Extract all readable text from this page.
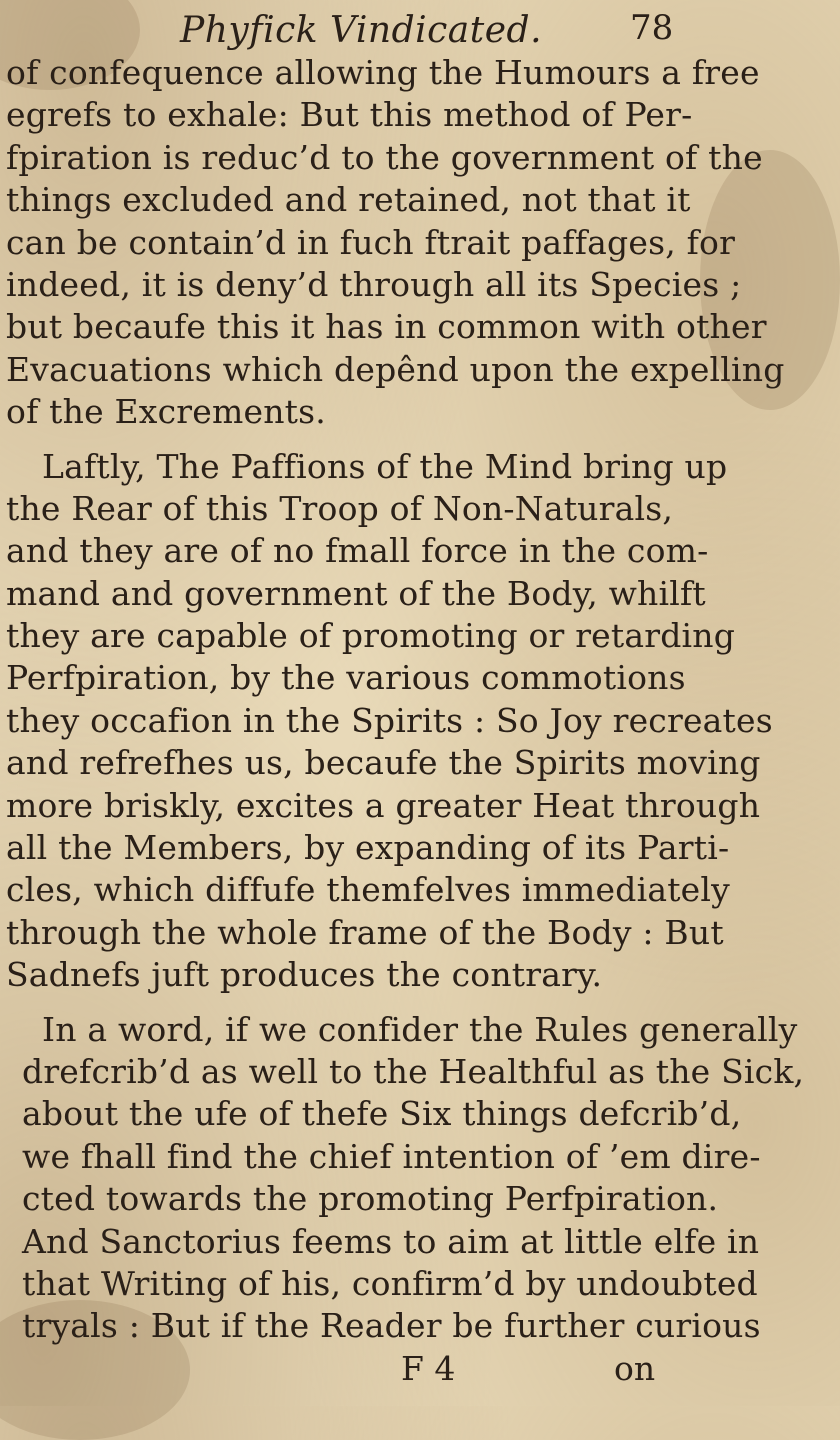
Phyfick Vindicated.	78
of confequence allowing the Humours a free
egrefs to exhale: But this method of Per-
fpiration is reduc’d to the government of the
things excluded and retained, not that it
can be contain’d in fuch ftrait paffages, for
indeed, it is deny’d through all its Species ;
but becaufe this it has in common with other
Evacuations which depênd upon the expelling
of the Excrements.
Laftly, The Paffions of the Mind bring up
the Rear of this Troop of Non-Naturals,
and they are of no fmall force in the com-
mand and government of the Body, whilft
they are capable of promoting or retarding
Perfpiration, by the various commotions
they occafion in the Spirits : So Joy recreates
and refrefhes us, becaufe the Spirits moving
more briskly, excites a greater Heat through
all the Members, by expanding of its Parti-
cles, which diffufe themfelves immediately
through the whole frame of the Body : But
Sadnefs juft produces the contrary.
In a word, if we confider the Rules generally
drefcrib’d as well to the Healthful as the Sick,
about the ufe of thefe Six things defcrib’d,
we fhall find the chief intention of ’em dire-
cted towards the promoting Perfpiration.
And Sanctorius feems to aim at little elfe in
that Writing of his, confirm’d by undoubted
tryals : But if the Reader be further curious
F 4	on
